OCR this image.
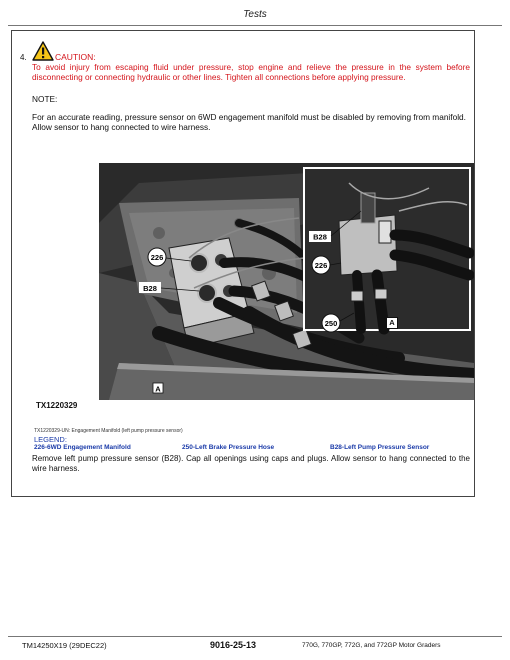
Tests
4.	CAUTION:
To avoid injury from escaping fluid under pressure, stop engine and relieve the pressure in the system before disconnecting or connecting hydraulic or other lines. Tighten all connections before applying pressure.
NOTE:
For an accurate reading, pressure sensor on 6WD engagement manifold must be disabled by removing from manifold. Allow sensor to hang connected to wire harness.
226
B28
A
B28
226
250	A
TX1220329
TX1220329-UN: Engagement Manifold (left pump pressure sensor)
LEGEND:
226-6WD Engagement Manifold	250-Left Brake Pressure Hose	B28-Left Pump Pressure Sensor
Remove left pump pressure sensor (B28). Cap all openings using caps and plugs. Allow sensor to hang connected to the wire harness.
TM14250X19 (29DEC22)	9016-25-13	770G, 770GP, 772G, and 772GP Motor Graders
